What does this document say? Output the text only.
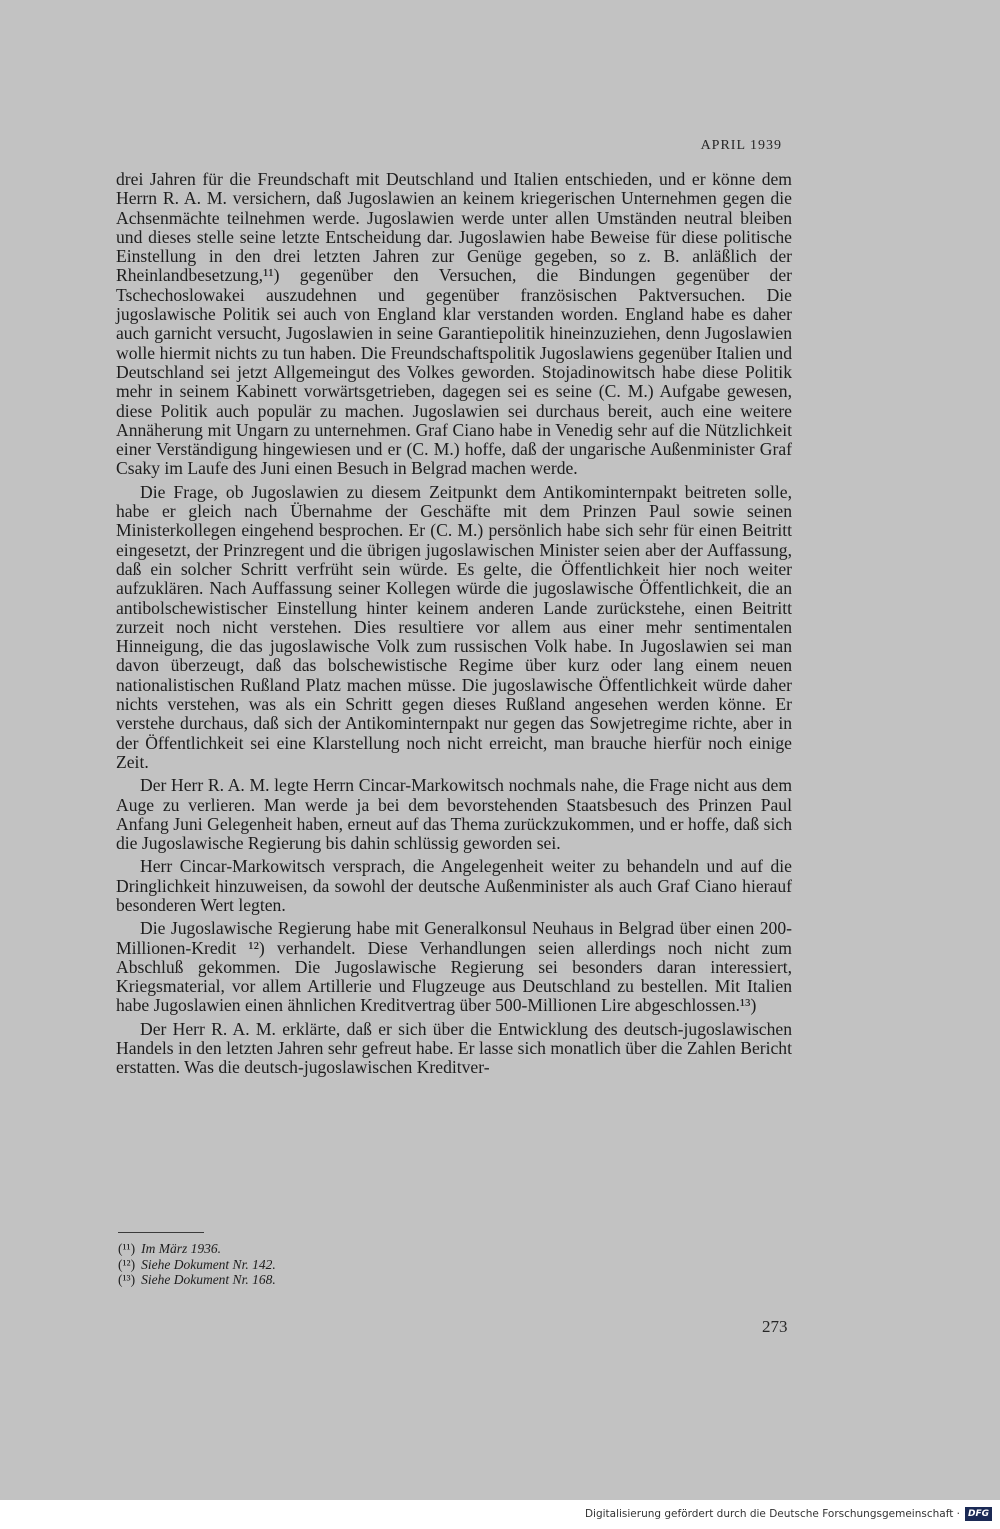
APRIL 1939

drei Jahren für die Freundschaft mit Deutschland und Italien entschieden, und er könne dem Herrn R. A. M. versichern, daß Jugoslawien an keinem kriegerischen Unternehmen gegen die Achsenmächte teilnehmen werde. Jugoslawien werde unter allen Umständen neutral bleiben und dieses stelle seine letzte Entscheidung dar. Jugoslawien habe Beweise für diese politische Einstellung in den drei letzten Jahren zur Genüge gegeben, so z. B. anläßlich der Rheinlandbesetzung,¹¹) gegenüber den Versuchen, die Bindungen gegenüber der Tschechoslowakei auszudehnen und gegenüber französischen Paktversuchen. Die jugoslawische Politik sei auch von England klar verstanden worden. England habe es daher auch garnicht versucht, Jugoslawien in seine Garantiepolitik hineinzuziehen, denn Jugoslawien wolle hiermit nichts zu tun haben. Die Freundschaftspolitik Jugoslawiens gegenüber Italien und Deutschland sei jetzt Allgemeingut des Volkes geworden. Stojadinowitsch habe diese Politik mehr in seinem Kabinett vorwärtsgetrieben, dagegen sei es seine (C. M.) Aufgabe gewesen, diese Politik auch populär zu machen. Jugoslawien sei durchaus bereit, auch eine weitere Annäherung mit Ungarn zu unternehmen. Graf Ciano habe in Venedig sehr auf die Nützlichkeit einer Verständigung hingewiesen und er (C. M.) hoffe, daß der ungarische Außenminister Graf Csaky im Laufe des Juni einen Besuch in Belgrad machen werde.

Die Frage, ob Jugoslawien zu diesem Zeitpunkt dem Antikominternpakt beitreten solle, habe er gleich nach Übernahme der Geschäfte mit dem Prinzen Paul sowie seinen Ministerkollegen eingehend besprochen. Er (C. M.) persönlich habe sich sehr für einen Beitritt eingesetzt, der Prinzregent und die übrigen jugoslawischen Minister seien aber der Auffassung, daß ein solcher Schritt verfrüht sein würde. Es gelte, die Öffentlichkeit hier noch weiter aufzuklären. Nach Auffassung seiner Kollegen würde die jugoslawische Öffentlichkeit, die an antibolschewistischer Einstellung hinter keinem anderen Lande zurückstehe, einen Beitritt zurzeit noch nicht verstehen. Dies resultiere vor allem aus einer mehr sentimentalen Hinneigung, die das jugoslawische Volk zum russischen Volk habe. In Jugoslawien sei man davon überzeugt, daß das bolschewistische Regime über kurz oder lang einem neuen nationalistischen Rußland Platz machen müsse. Die jugoslawische Öffentlichkeit würde daher nichts verstehen, was als ein Schritt gegen dieses Rußland angesehen werden könne. Er verstehe durchaus, daß sich der Antikominternpakt nur gegen das Sowjetregime richte, aber in der Öffentlichkeit sei eine Klarstellung noch nicht erreicht, man brauche hierfür noch einige Zeit.

Der Herr R. A. M. legte Herrn Cincar-Markowitsch nochmals nahe, die Frage nicht aus dem Auge zu verlieren. Man werde ja bei dem bevorstehenden Staatsbesuch des Prinzen Paul Anfang Juni Gelegenheit haben, erneut auf das Thema zurückzukommen, und er hoffe, daß sich die Jugoslawische Regierung bis dahin schlüssig geworden sei.

Herr Cincar-Markowitsch versprach, die Angelegenheit weiter zu behandeln und auf die Dringlichkeit hinzuweisen, da sowohl der deutsche Außenminister als auch Graf Ciano hierauf besonderen Wert legten.

Die Jugoslawische Regierung habe mit Generalkonsul Neuhaus in Belgrad über einen 200-Millionen-Kredit ¹²) verhandelt. Diese Verhandlungen seien allerdings noch nicht zum Abschluß gekommen. Die Jugoslawische Regierung sei besonders daran interessiert, Kriegsmaterial, vor allem Artillerie und Flugzeuge aus Deutschland zu bestellen. Mit Italien habe Jugoslawien einen ähnlichen Kreditvertrag über 500-Millionen Lire abgeschlossen.¹³)

Der Herr R. A. M. erklärte, daß er sich über die Entwicklung des deutsch-jugoslawischen Handels in den letzten Jahren sehr gefreut habe. Er lasse sich monatlich über die Zahlen Bericht erstatten. Was die deutsch-jugoslawischen Kreditver-

(¹¹) Im März 1936.
(¹²) Siehe Dokument Nr. 142.
(¹³) Siehe Dokument Nr. 168.
273
Digitalisierung gefördert durch die Deutsche Forschungsgemeinschaft · DFG
